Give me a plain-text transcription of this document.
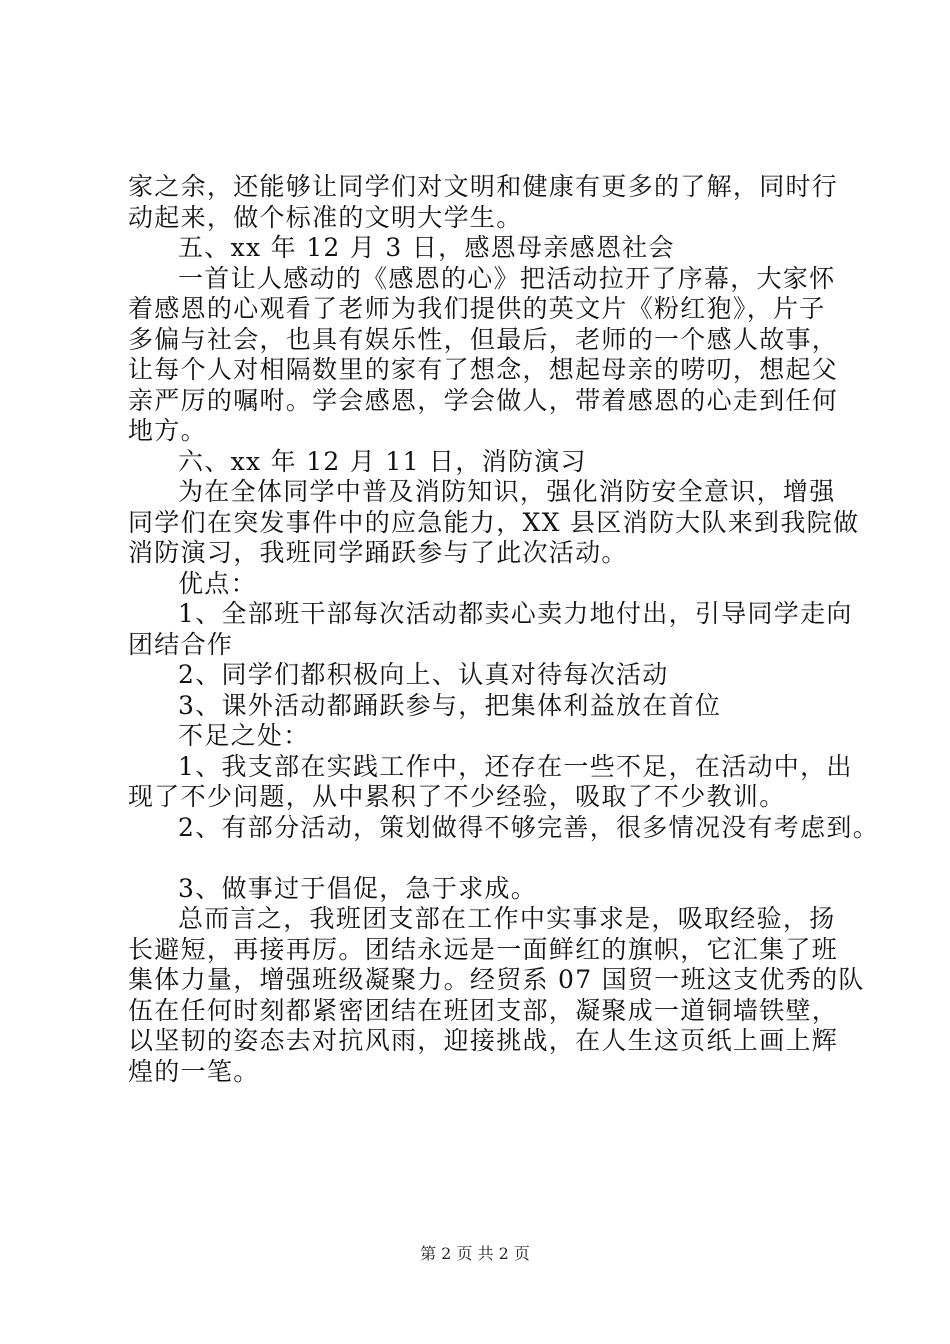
家之余，还能够让同学们对文明和健康有更多的了解，同时行
动起来，做个标准的文明大学生。
五、xx 年 12 月 3 日，感恩母亲感恩社会
一首让人感动的《感恩的心》把活动拉开了序幕，大家怀
着感恩的心观看了老师为我们提供的英文片《粉红狍》，片子
多偏与社会，也具有娱乐性，但最后，老师的一个感人故事，
让每个人对相隔数里的家有了想念，想起母亲的唠叨，想起父
亲严厉的嘱咐。学会感恩，学会做人，带着感恩的心走到任何
地方。
六、xx 年 12 月 11 日，消防演习
为在全体同学中普及消防知识，强化消防安全意识，增强
同学们在突发事件中的应急能力，XX 县区消防大队来到我院做
消防演习，我班同学踊跃参与了此次活动。
优点：
1、全部班干部每次活动都卖心卖力地付出，引导同学走向
团结合作
2、同学们都积极向上、认真对待每次活动
3、课外活动都踊跃参与，把集体利益放在首位
不足之处：
1、我支部在实践工作中，还存在一些不足，在活动中，出
现了不少问题，从中累积了不少经验，吸取了不少教训。
2、有部分活动，策划做得不够完善，很多情况没有考虑到。
3、做事过于倡促，急于求成。
总而言之，我班团支部在工作中实事求是，吸取经验，扬
长避短，再接再厉。团结永远是一面鲜红的旗帜，它汇集了班
集体力量，增强班级凝聚力。经贸系 07 国贸一班这支优秀的队
伍在任何时刻都紧密团结在班团支部，凝聚成一道铜墙铁壁，
以坚韧的姿态去对抗风雨，迎接挑战，在人生这页纸上画上辉
煌的一笔。
第 2 页 共 2 页
